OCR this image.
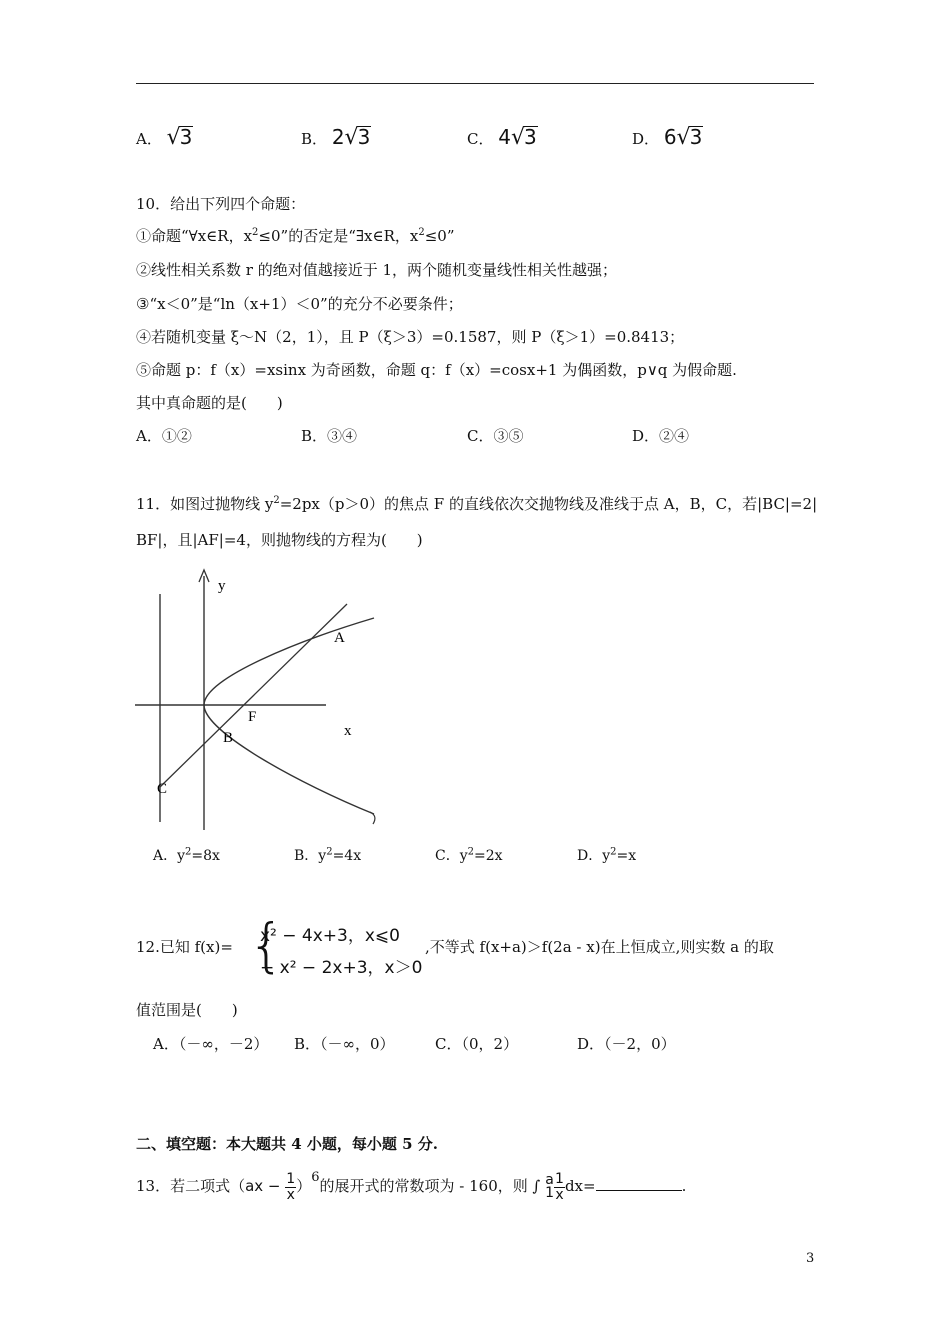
A． √3	B． 2√3	C． 4√3	D． 6√3
10．给出下列四个命题：
①命题“∀x∈R，$x^2\le 0$”的否定是“∃x∈R，$x^2\le 0$”
②线性相关系数 r 的绝对值越接近于 1，两个随机变量线性相关性越强；
③“x＜0”是“ln（x+1）＜0”的充分不必要条件；
④若随机变量 ξ～N（2，1），且 P（ξ＞3）=0.1587，则 P（ξ＞1）=0.8413；
⑤命题 p：f（x）=xsinx 为奇函数，命题 q：f（x）=cosx+1 为偶函数，p∨q 为假命题.
其中真命题的是(　　)
A．①②	B．③④	C．③⑤	D．②④
11．如图过抛物线 $y^2=2px(p>0)$的焦点 F 的直线依次交抛物线及准线于点 A，B，C，若|BC|=2|
BF|，且|AF|=4，则抛物线的方程为(　　)
y
A
F
x
B
C
A．$y^2=8x$	B．$y^2=4x$	C．$y^2=2x$	D．$y^2=x$
12.已知 f(x)= {
x² − 4x+3，x⩽0
− x² − 2x+3，x＞0
,不等式 f(x+a)＞f(2a - x)在上恒成立,则实数 a 的取
值范围是(　　)
A．（－∞，－2） B．（－∞，0）	C．（0，2）	D．（－2，0）
二、填空题：本大题共 4 小题，每小题 5 分.
13．若二项式$(ax - \frac{1}{x} )^6$的展开式的常数项为 - 160，则 ∫ a
$1 \frac{1}{x} dx=$	.
3
